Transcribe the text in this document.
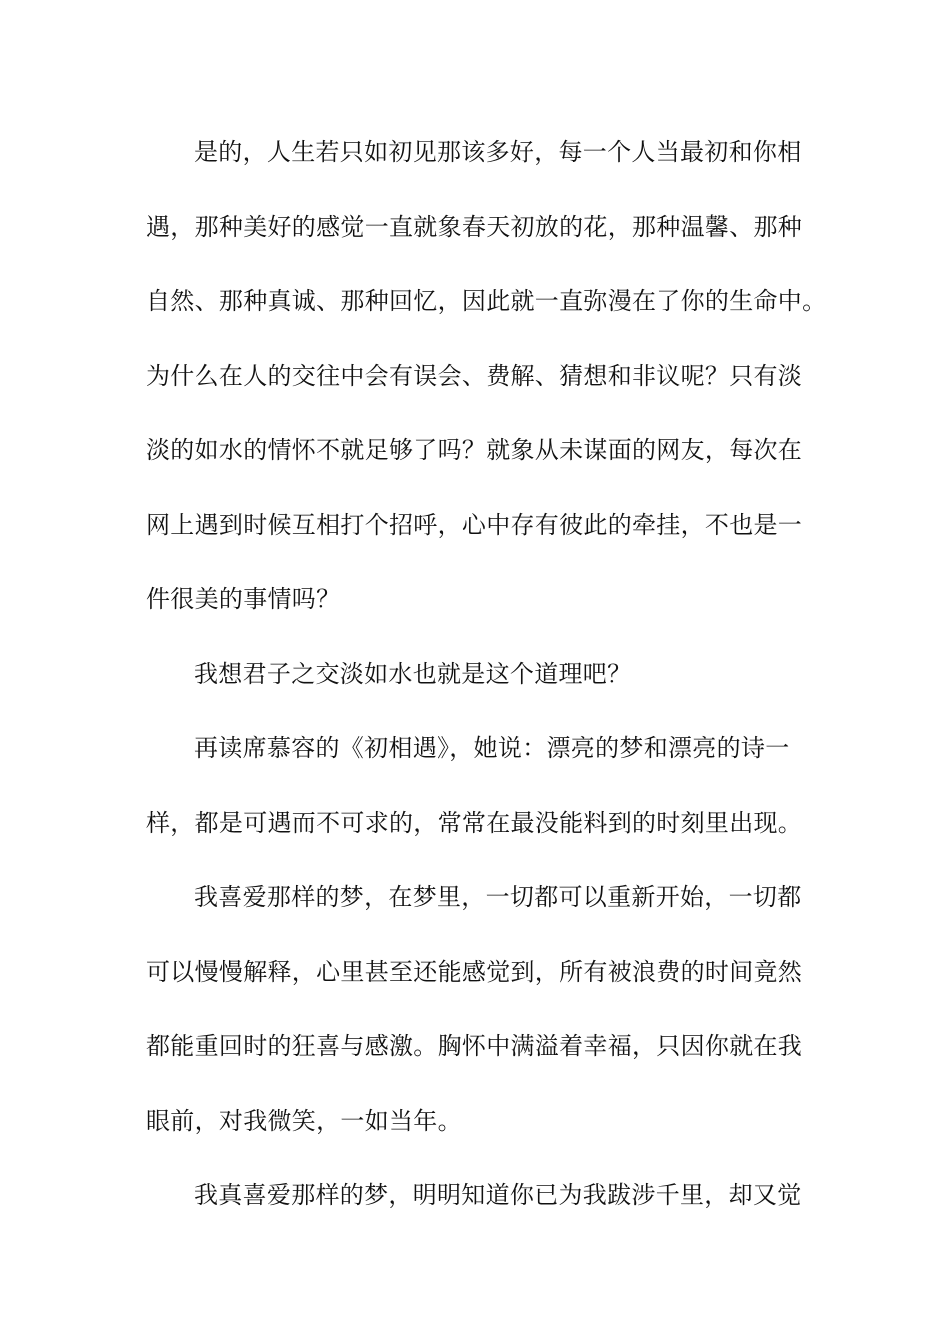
是的，人生若只如初见那该多好，每一个人当最初和你相
遇，那种美好的感觉一直就象春天初放的花，那种温馨、那种
自然、那种真诚、那种回忆，因此就一直弥漫在了你的生命中。
为什么在人的交往中会有误会、费解、猜想和非议呢？只有淡
淡的如水的情怀不就足够了吗？就象从未谋面的网友，每次在
网上遇到时候互相打个招呼，心中存有彼此的牵挂，不也是一
件很美的事情吗？
我想君子之交淡如水也就是这个道理吧？
再读席慕容的《初相遇》，她说：漂亮的梦和漂亮的诗一
样，都是可遇而不可求的，常常在最没能料到的时刻里出现。
我喜爱那样的梦，在梦里，一切都可以重新开始，一切都
可以慢慢解释，心里甚至还能感觉到，所有被浪费的时间竟然
都能重回时的狂喜与感激。胸怀中满溢着幸福，只因你就在我
眼前，对我微笑，一如当年。
我真喜爱那样的梦，明明知道你已为我跋涉千里，却又觉
